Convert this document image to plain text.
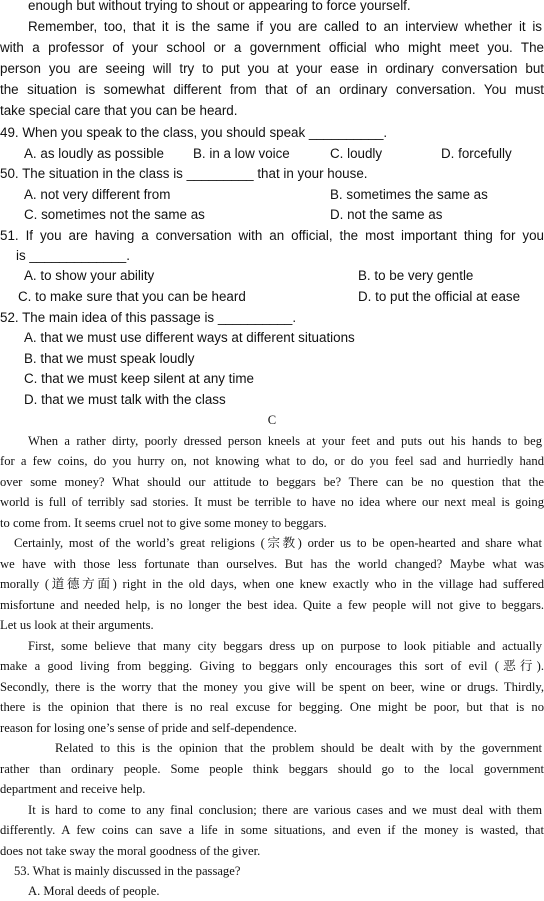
enough but without trying to shout or appearing to force yourself.
Remember, too, that it is the same if you are called to an interview whether it is
with a professor of your school or a government official who might meet you. The
person you are seeing will try to put you at your ease in ordinary conversation but
the situation is somewhat different from that of an ordinary conversation. You must
take special care that you can be heard.
49. When you speak to the class, you should speak __________.
A. as loudly as possible B. in a low voice	C. loudly	D. forcefully
50. The situation in the class is _________ that in your house.
A. not very different from	B. sometimes the same as
C. sometimes not the same as	D. not the same as
51. If you are having a conversation with an official, the most important thing for you
is _____________.
A. to show your ability	B. to be very gentle
C. to make sure that you can be heard	D. to put the official at ease
52. The main idea of this passage is __________.
A. that we must use different ways at different situations
B. that we must speak loudly
C. that we must keep silent at any time
D. that we must talk with the class
C
When a rather dirty, poorly dressed person kneels at your feet and puts out his hands to beg
for a few coins, do you hurry on, not knowing what to do, or do you feel sad and hurriedly hand
over some money? What should our attitude to beggars be? There can be no question that the
world is full of terribly sad stories. It must be terrible to have no idea where our next meal is going
to come from. It seems cruel not to give some money to beggars.
Certainly, most of the world’s great religions (宗教) order us to be open-hearted and share what
we have with those less fortunate than ourselves. But has the world changed? Maybe what was
morally (道德方面) right in the old days, when one knew exactly who in the village had suffered
misfortune and needed help, is no longer the best idea. Quite a few people will not give to beggars.
Let us look at their arguments.
First, some believe that many city beggars dress up on purpose to look pitiable and actually
make a good living from begging. Giving to beggars only encourages this sort of evil (恶行).
Secondly, there is the worry that the money you give will be spent on beer, wine or drugs. Thirdly,
there is the opinion that there is no real excuse for begging. One might be poor, but that is no
reason for losing one’s sense of pride and self-dependence.
Related to this is the opinion that the problem should be dealt with by the government
rather than ordinary people. Some people think beggars should go to the local government
department and receive help.
It is hard to come to any final conclusion; there are various cases and we must deal with them
differently. A few coins can save a life in some situations, and even if the money is wasted, that
does not take sway the moral goodness of the giver.
53. What is mainly discussed in the passage?
A. Moral deeds of people.
